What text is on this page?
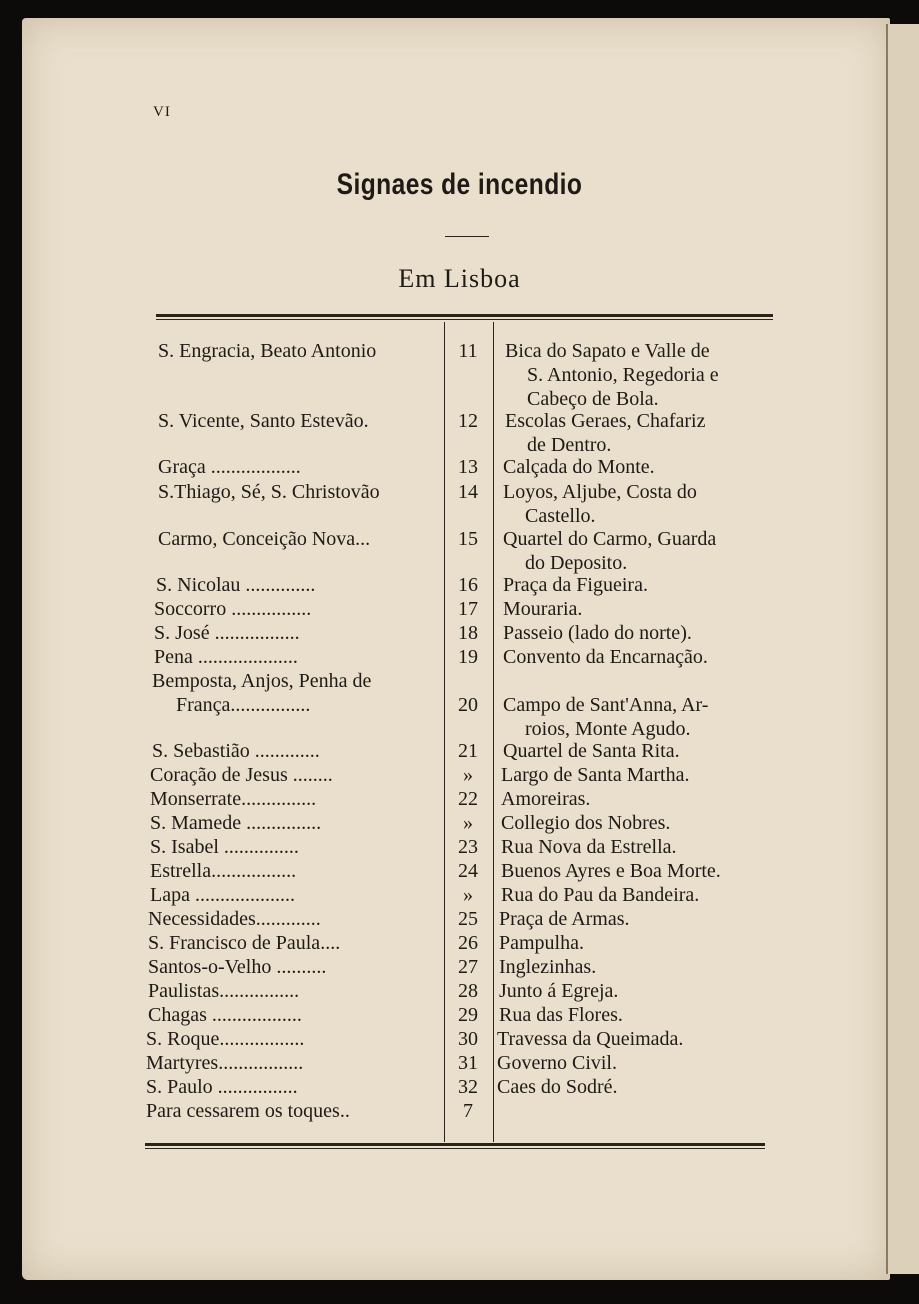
VI
Signaes de incendio
Em Lisboa
S. Engracia, Beato Antonio	11	Bica do Sapato e Valle de
S. Antonio, Regedoria e
Cabeço de Bola.
S. Vicente, Santo Estevão.	12	Escolas Geraes, Chafariz
de Dentro.
Graça ..................	13	Calçada do Monte.
S.Thiago, Sé, S. Christovão	14	Loyos, Aljube, Costa do
Castello.
Carmo, Conceição Nova...	15	Quartel do Carmo, Guarda
do Deposito.
S. Nicolau ..............	16	Praça da Figueira.
Soccorro ................	17	Mouraria.
S. José .................	18	Passeio (lado do norte).
Pena ....................	19	Convento da Encarnação.
Bemposta, Anjos, Penha de
França................	20	Campo de Sant'Anna, Ar-
roios, Monte Agudo.
S. Sebastião .............	21	Quartel de Santa Rita.
Coração de Jesus ........	»	Largo de Santa Martha.
Monserrate...............	22	Amoreiras.
S. Mamede ...............	»	Collegio dos Nobres.
S. Isabel ...............	23	Rua Nova da Estrella.
Estrella.................	24	Buenos Ayres e Boa Morte.
Lapa ....................	»	Rua do Pau da Bandeira.
Necessidades.............	25	Praça de Armas.
S. Francisco de Paula....	26	Pampulha.
Santos-o-Velho ..........	27	Inglezinhas.
Paulistas................	28	Junto á Egreja.
Chagas ..................	29	Rua das Flores.
S. Roque.................	30 Travessa da Queimada.
Martyres.................	31 Governo Civil.
S. Paulo ................	32 Caes do Sodré.
Para cessarem os toques..	7
